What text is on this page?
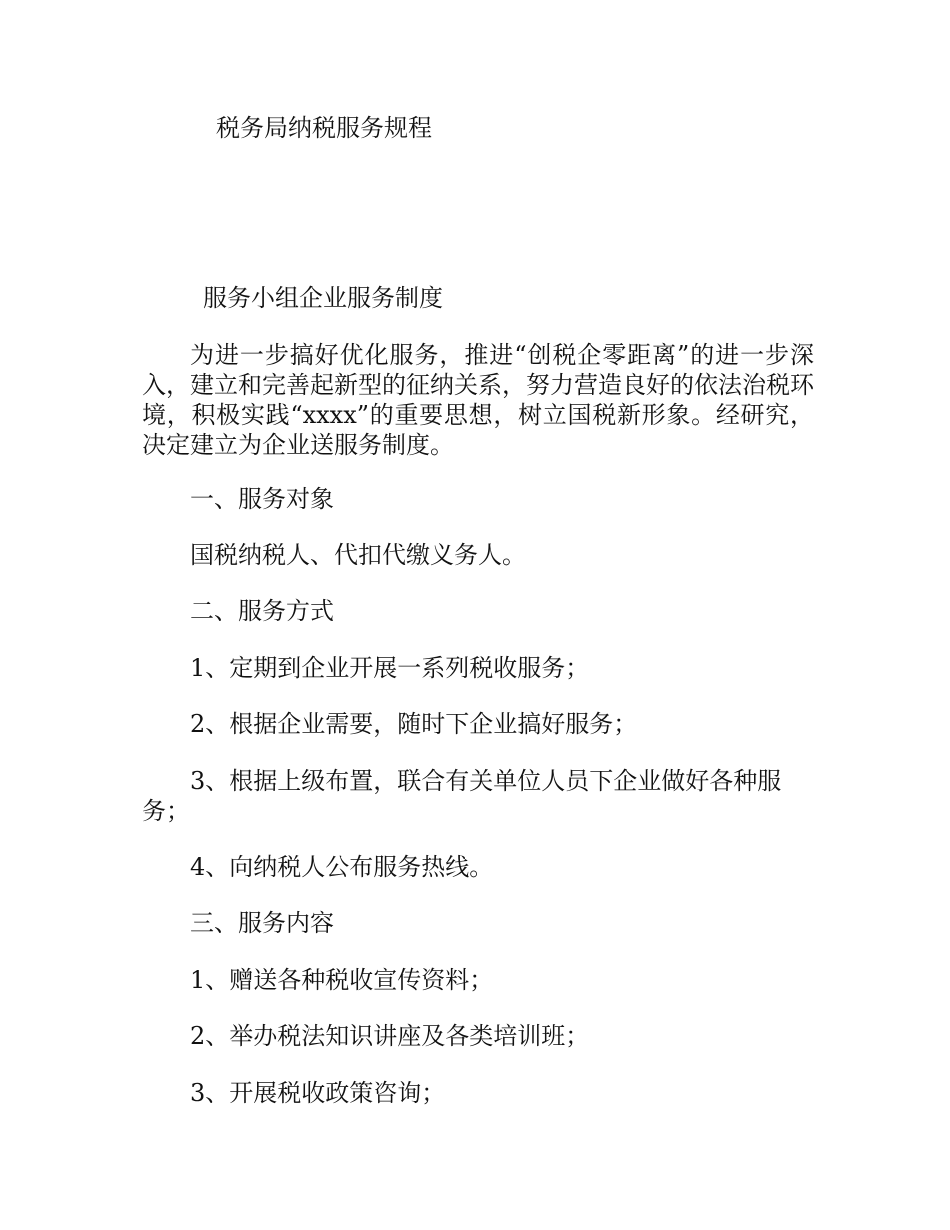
税务局纳税服务规程

服务小组企业服务制度

为进一步搞好优化服务，推进“创税企零距离”的进一步深入，建立和完善起新型的征纳关系，努力营造良好的依法治税环境，积极实践“xxxx”的重要思想，树立国税新形象。经研究，决定建立为企业送服务制度。

一、服务对象

国税纳税人、代扣代缴义务人。

二、服务方式

1、定期到企业开展一系列税收服务；

2、根据企业需要，随时下企业搞好服务；

3、根据上级布置，联合有关单位人员下企业做好各种服务；

4、向纳税人公布服务热线。

三、服务内容

1、赠送各种税收宣传资料；

2、举办税法知识讲座及各类培训班；

3、开展税收政策咨询；
